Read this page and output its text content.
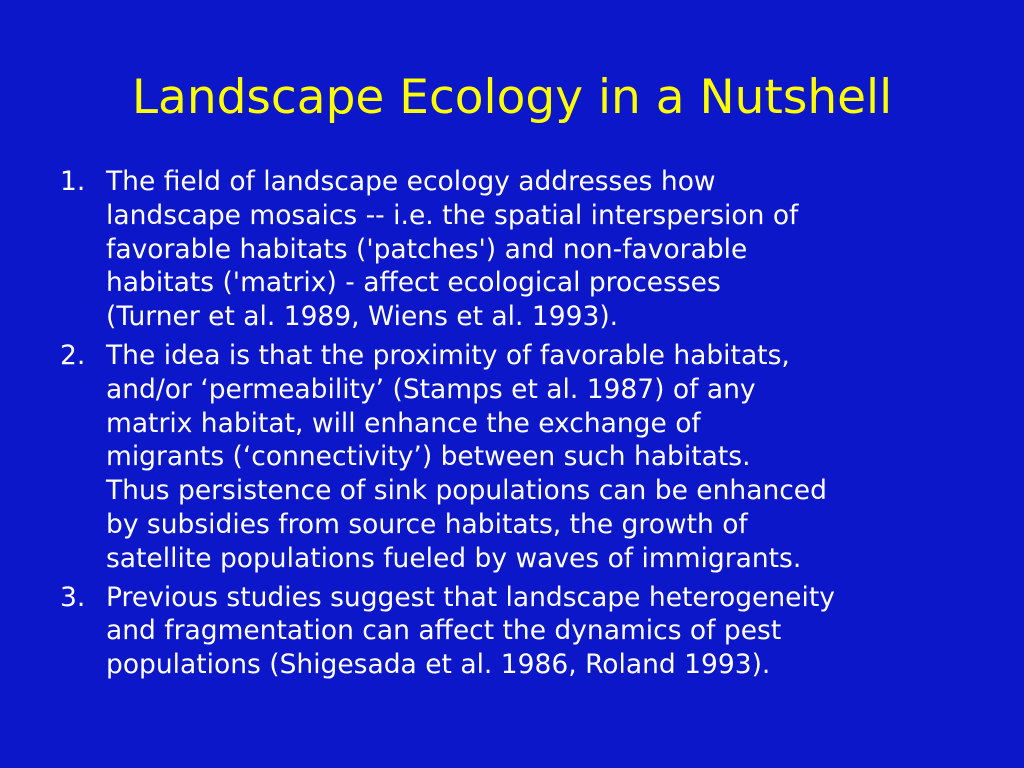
Landscape Ecology in a Nutshell
1. The field of landscape ecology addresses how
landscape mosaics -- i.e. the spatial interspersion of
favorable habitats ('patches') and non-favorable
habitats ('matrix) - affect ecological processes
(Turner et al. 1989, Wiens et al. 1993).
2. The idea is that the proximity of favorable habitats,
and/or ‘permeability’ (Stamps et al. 1987) of any
matrix habitat, will enhance the exchange of
migrants (‘connectivity’) between such habitats.
Thus persistence of sink populations can be enhanced
by subsidies from source habitats, the growth of
satellite populations fueled by waves of immigrants.
3. Previous studies suggest that landscape heterogeneity
and fragmentation can affect the dynamics of pest
populations (Shigesada et al. 1986, Roland 1993).
